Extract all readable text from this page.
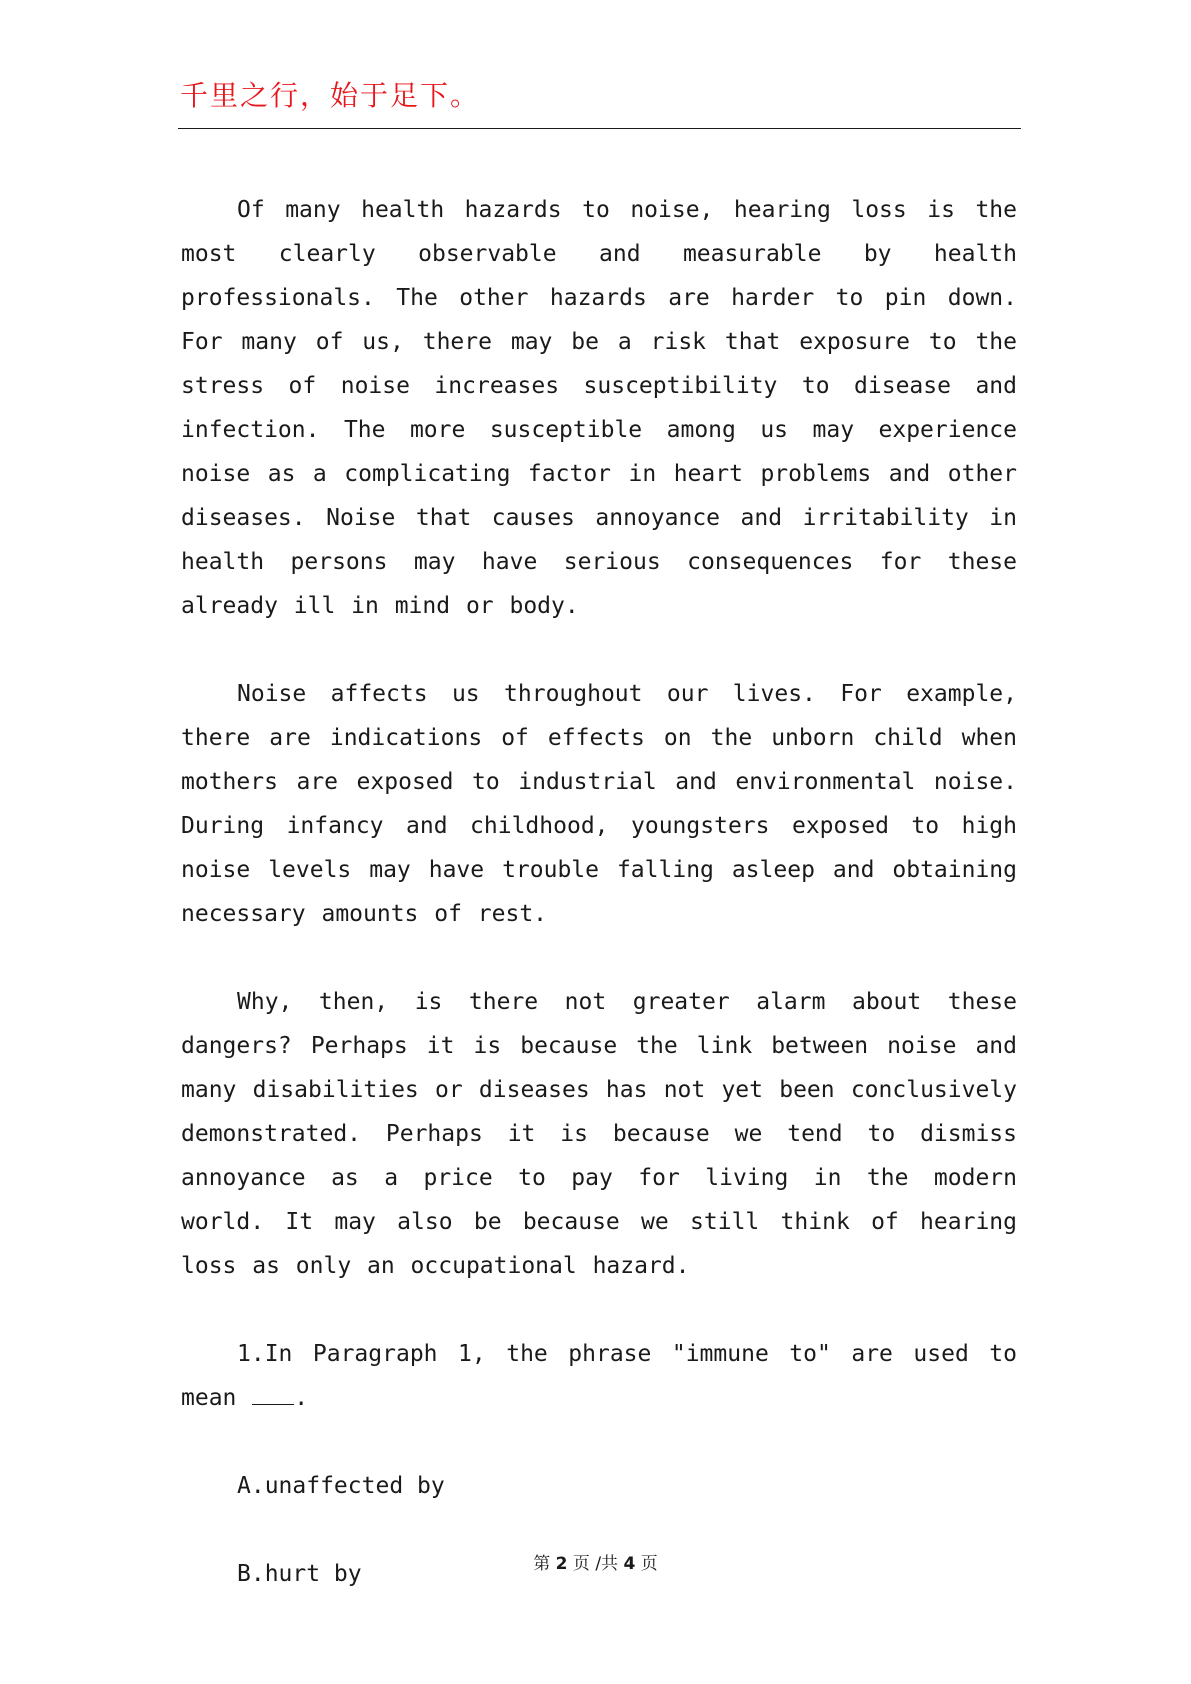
千里之行，始于足下。

Of many health hazards to noise, hearing loss is the most clearly observable and measurable by health professionals. The other hazards are harder to pin down. For many of us, there may be a risk that exposure to the stress of noise increases susceptibility to disease and infection. The more susceptible among us may experience noise as a complicating factor in heart problems and other diseases. Noise that causes annoyance and irritability in health persons may have serious consequences for these already ill in mind or body.

Noise affects us throughout our lives. For example, there are indications of effects on the unborn child when mothers are exposed to industrial and environmental noise. During infancy and childhood, youngsters exposed to high noise levels may have trouble falling asleep and obtaining necessary amounts of rest.

Why, then, is there not greater alarm about these dangers? Perhaps it is because the link between noise and many disabilities or diseases has not yet been conclusively demonstrated. Perhaps it is because we tend to dismiss annoyance as a price to pay for living in the modern world. It may also be because we still think of hearing loss as only an occupational hazard.

1.In Paragraph 1, the phrase "immune to" are used to mean	.

A.unaffected by

B.hurt by	第 2 页 /共 4 页
